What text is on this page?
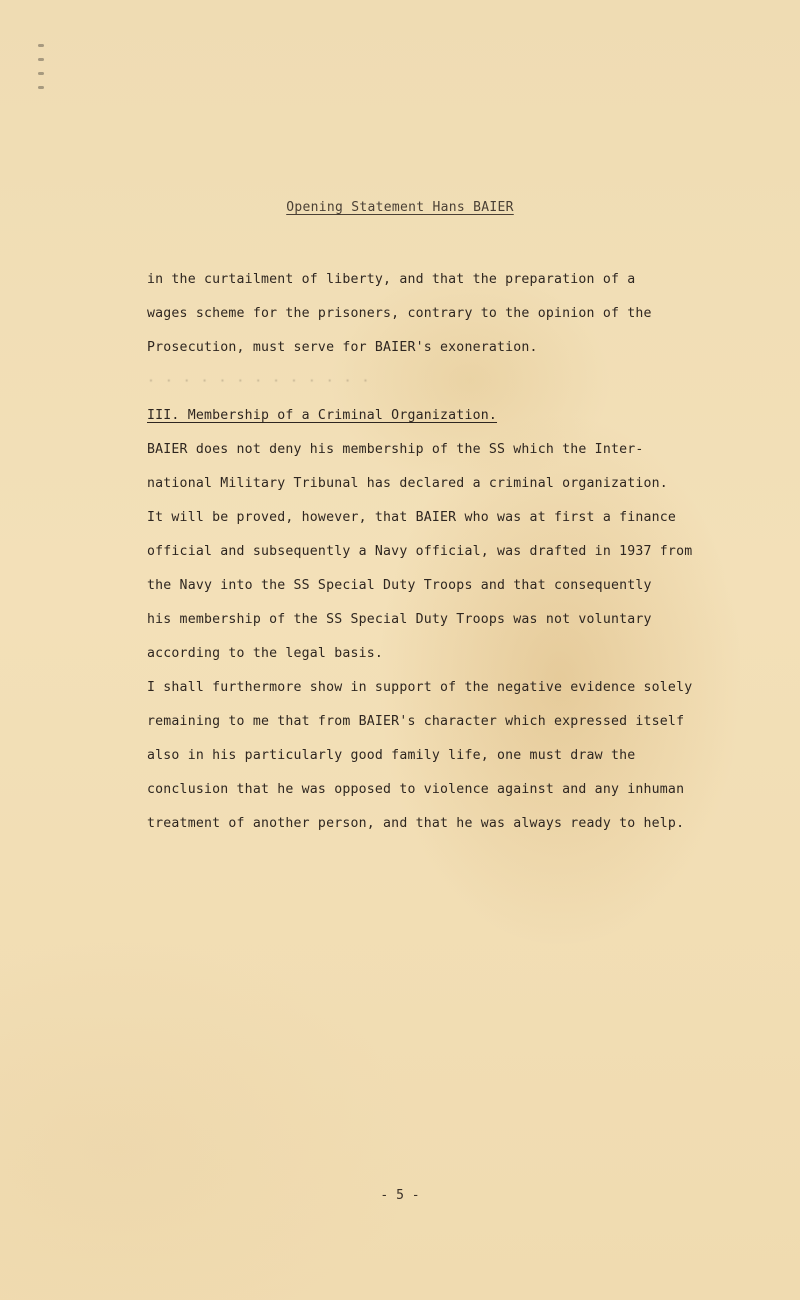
Opening Statement Hans BAIER
in the curtailment of liberty, and that the preparation of a
wages scheme for the prisoners, contrary to the opinion of the
Prosecution, must serve for BAIER's exoneration.
· · · · · · · · · · · · ·
III. Membership of a Criminal Organization.
BAIER does not deny his membership of the SS which the Inter-
national Military Tribunal has declared a criminal organization.
It will be proved, however, that BAIER who was at first a finance
official and subsequently a Navy official, was drafted in 1937 from
the Navy into the SS Special Duty Troops and that consequently
his membership of the SS Special Duty Troops was not voluntary
according to the legal basis.
I shall furthermore show in support of the negative evidence solely
remaining to me that from BAIER's character which expressed itself
also in his particularly good family life, one must draw the
conclusion that he was opposed to violence against and any inhuman
treatment of another person, and that he was always ready to help.
- 5 -
